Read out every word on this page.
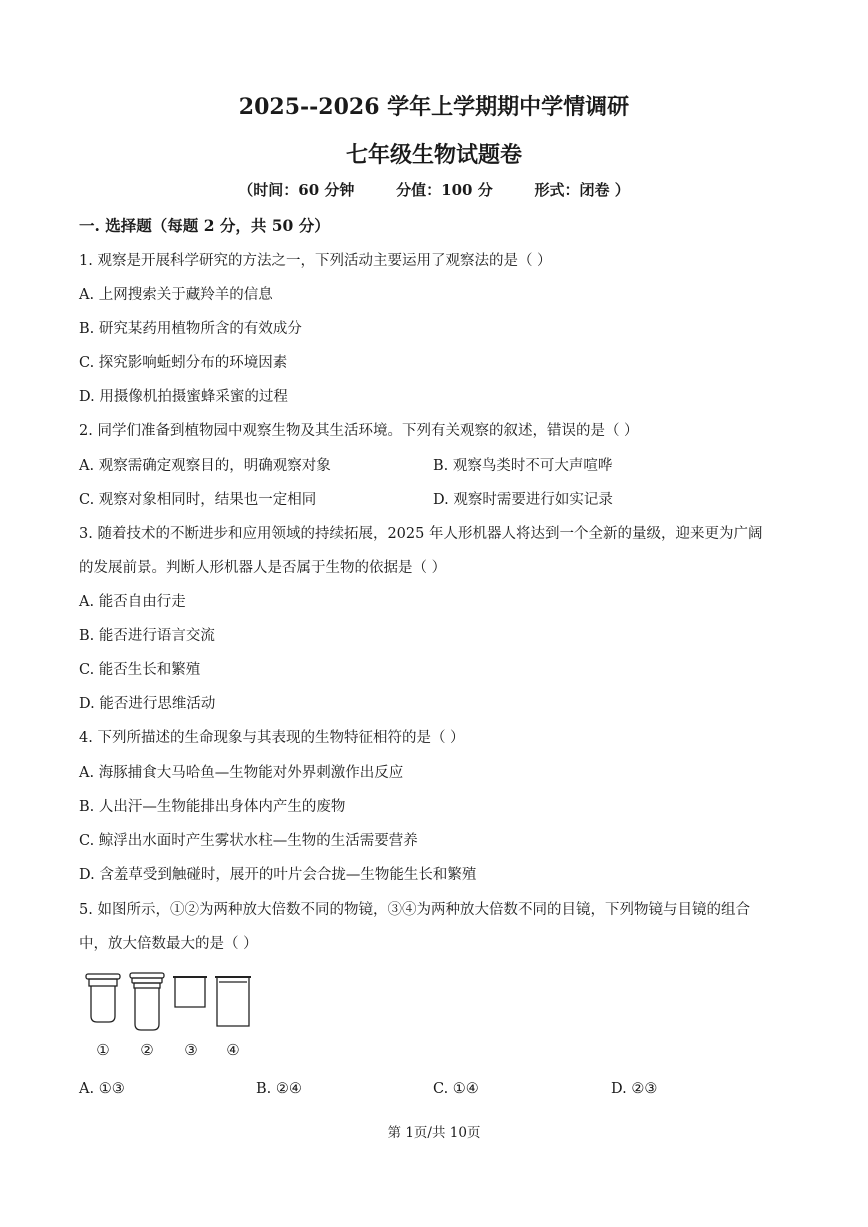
2025--2026 学年上学期期中学情调研
七年级生物试题卷
（时间：60 分钟        分值：100 分        形式：闭卷 ）
一. 选择题（每题 2 分，共 50 分）
1. 观察是开展科学研究的方法之一，下列活动主要运用了观察法的是（ ）
A. 上网搜索关于藏羚羊的信息
B. 研究某药用植物所含的有效成分
C. 探究影响蚯蚓分布的环境因素
D. 用摄像机拍摄蜜蜂采蜜的过程
2. 同学们准备到植物园中观察生物及其生活环境。下列有关观察的叙述，错误的是（ ）
A. 观察需确定观察目的，明确观察对象	B. 观察鸟类时不可大声喧哗
C. 观察对象相同时，结果也一定相同	D. 观察时需要进行如实记录
3. 随着技术的不断进步和应用领域的持续拓展，2025 年人形机器人将达到一个全新的量级，迎来更为广阔
的发展前景。判断人形机器人是否属于生物的依据是（ ）
A. 能否自由行走
B. 能否进行语言交流
C. 能否生长和繁殖
D. 能否进行思维活动
4. 下列所描述的生命现象与其表现的生物特征相符的是（ ）
A. 海豚捕食大马哈鱼—生物能对外界刺激作出反应
B. 人出汗—生物能排出身体内产生的废物
C. 鲸浮出水面时产生雾状水柱—生物的生活需要营养
D. 含羞草受到触碰时，展开的叶片会合拢—生物能生长和繁殖
5. 如图所示，①②为两种放大倍数不同的物镜，③④为两种放大倍数不同的目镜，下列物镜与目镜的组合
中，放大倍数最大的是（ ）
① ② ③ ④
A. ①③	B. ②④	C. ①④	D. ②③
第 1页/共 10页
